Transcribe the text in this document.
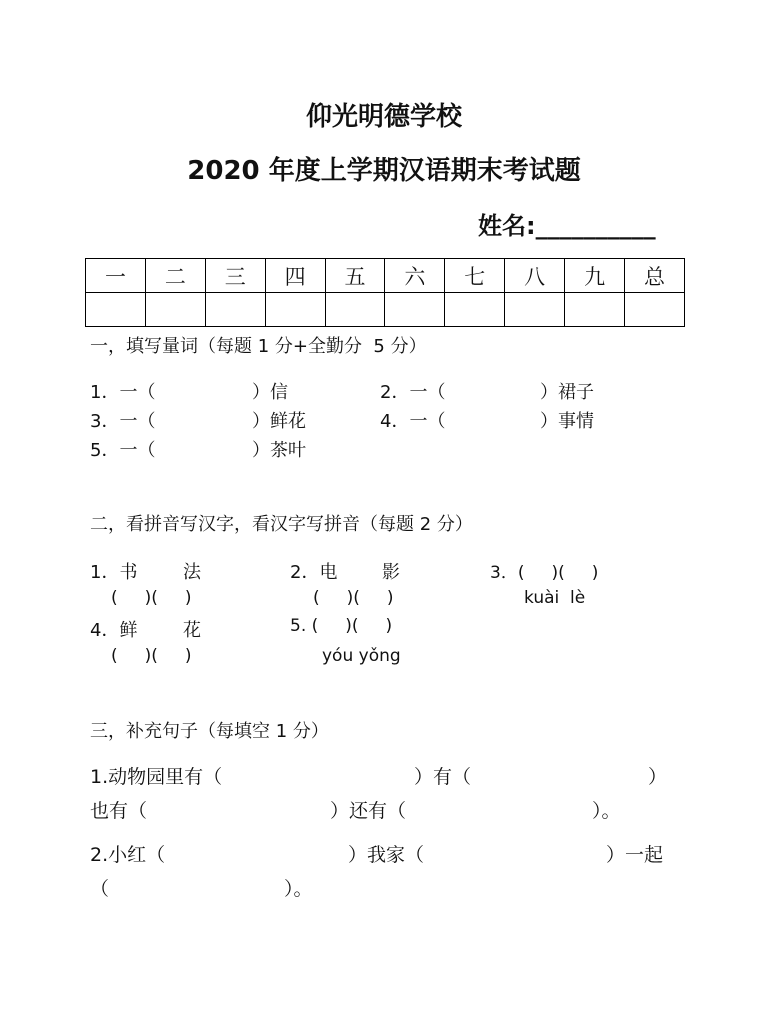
仰光明德学校
2020 年度上学期汉语期末考试题
姓名:__________
一	二	三	四	五	六	七	八	九	总

一，填写量词（每题 1 分+全勤分  5 分）
1．一（	）信	2．一（	）裙子
3．一（	）鲜花	4．一（	）事情
5．一（	）茶叶
二，看拼音写汉字，看汉字写拼音（每题 2 分）
1．书	法	2．电 影	3．(     )(     )
(     )(     )	(     )(     )	kuài  lè
4．鲜	花	5. (     )(     )
(     )(     )	yóu yǒng
三，补充句子（每填空 1 分）
1.动物园里有（	）有（	）
也有（	）还有（	）。
2.小红（	）我家（	）一起
（	）。
